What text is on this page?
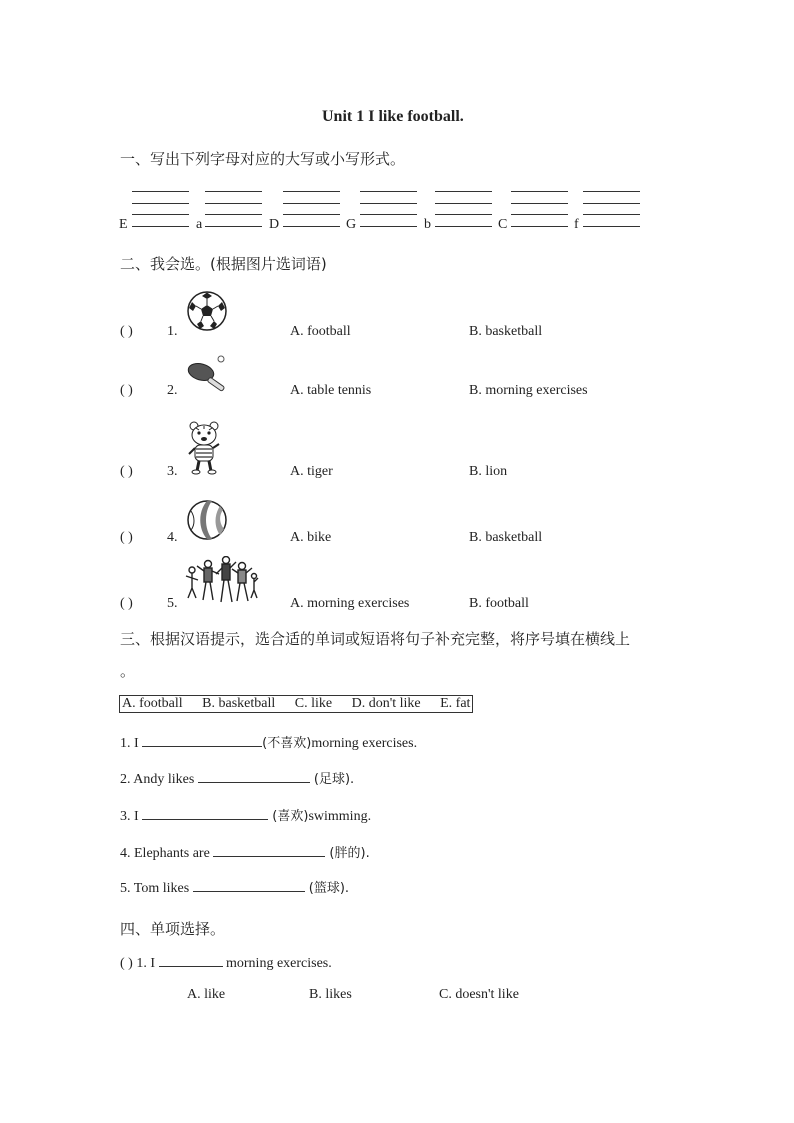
Unit 1 I like football.
一、写出下列字母对应的大写或小写形式。
E	a	D	G	b	C	f
二、我会选。(根据图片选词语)
( ) 1.	A. football	B. basketball
( ) 2.	A. table tennis	B. morning exercises
( ) 3.	A. tiger	B. lion
( ) 4.	A. bike	B. basketball
( ) 5.	A. morning exercises	B. football
三、根据汉语提示，选合适的单词或短语将句子补充完整，将序号填在横线上
。
A. football B. basketball C. like D. don't like E. fat
1. I	(不喜欢)morning exercises.
2. Andy likes	(足球).
3. I	(喜欢)swimming.
4. Elephants are	(胖的).
5. Tom likes	(篮球).
四、单项选择。
( ) 1. I	morning exercises.
A. like	B. likes	C. doesn't like
